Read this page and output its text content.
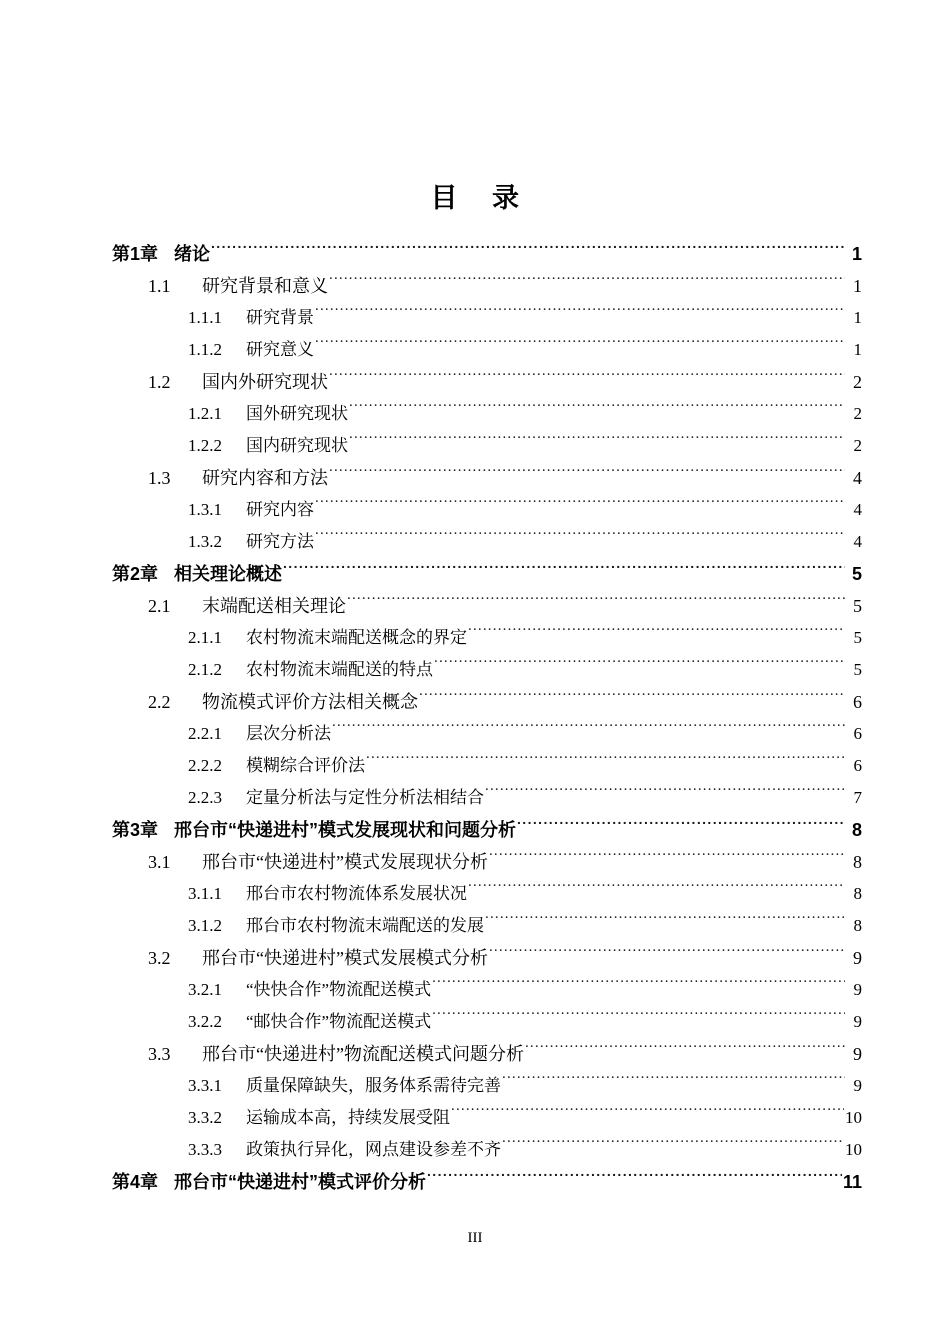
目 录
第1章 绪论 .....	1
1.1	研究背景和意义 .....	1
1.1.1	研究背景 .....	1
1.1.2	研究意义 .....	1
1.2	国内外研究现状 .....	2
1.2.1	国外研究现状 .....	2
1.2.2	国内研究现状 .....	2
1.3	研究内容和方法 .....	4
1.3.1	研究内容 .....	4
1.3.2	研究方法 .....	4
第2章 相关理论概述 .....	5
2.1	末端配送相关理论 .....	5
2.1.1	农村物流末端配送概念的界定 .....	5
2.1.2	农村物流末端配送的特点 .....	5
2.2	物流模式评价方法相关概念 .....	6
2.2.1	层次分析法 .....	6
2.2.2	模糊综合评价法 .....	6
2.2.3	定量分析法与定性分析法相结合 .....	7
第3章 邢台市“快递进村”模式发展现状和问题分析 .....	8
3.1	邢台市“快递进村”模式发展现状分析 .....	8
3.1.1	邢台市农村物流体系发展状况 .....	8
3.1.2	邢台市农村物流末端配送的发展 .....	8
3.2	邢台市“快递进村”模式发展模式分析 .....	9
3.2.1	“快快合作”物流配送模式 .....	9
3.2.2	“邮快合作”物流配送模式 .....	9
3.3	邢台市“快递进村”物流配送模式问题分析 .....	9
3.3.1	质量保障缺失，服务体系需待完善 .....	9
3.3.2	运输成本高，持续发展受阻 .....	10
3.3.3	政策执行异化，网点建设参差不齐 .....	10
第4章 邢台市“快递进村”模式评价分析 .....	11
III
